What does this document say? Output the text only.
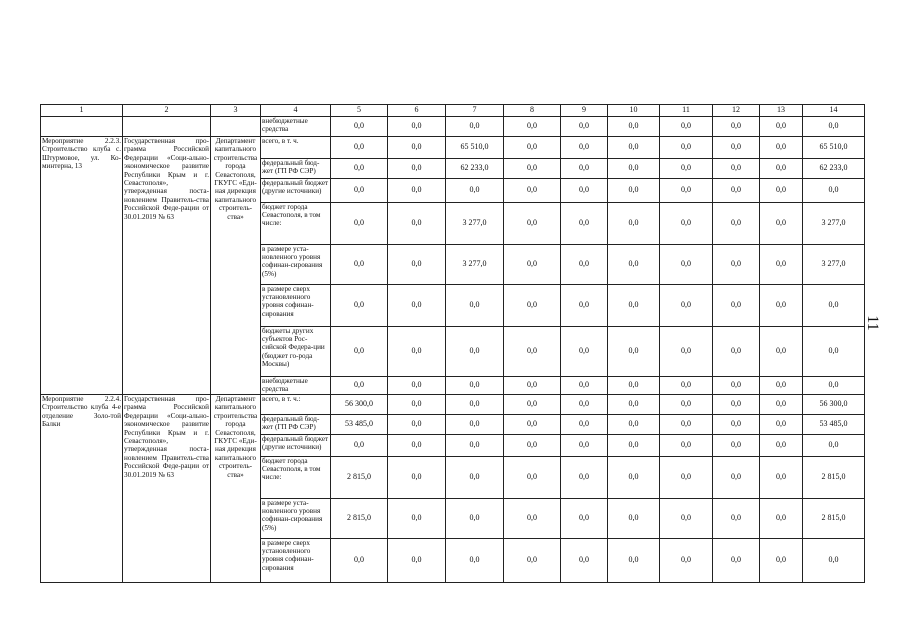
1	2	3	4	5	6	7	8	9	10	11	12	13	14
			внебюджетные средства	0,0	0,0	0,0	0,0	0,0	0,0	0,0	0,0	0,0	0,0
Мероприятие 2.2.3. Строительство клуба с. Штурмовое, ул. Ко-минтерна, 13	Государственная про-грамма Российской Федерации «Соци-ально-экономическое развитие Республики Крым и г. Севастополя», утвержденная поста-новлением Правитель-ства Российской Феде-рации от 30.01.2019 № 63	Департамент капитального строительства города Севастополя, ГКУГС «Еди-ная дирекция капитального строитель-ства»	всего, в т. ч.	0,0	0,0	65 510,0	0,0	0,0	0,0	0,0	0,0	0,0	65 510,0
			федеральный бюд-жет (ГП РФ СЭР)	0,0	0,0	62 233,0	0,0	0,0	0,0	0,0	0,0	0,0	62 233,0
			федеральный бюджет (другие источники)	0,0	0,0	0,0	0,0	0,0	0,0	0,0	0,0	0,0	0,0
			бюджет города Севастополя, в том числе:	0,0	0,0	3 277,0	0,0	0,0	0,0	0,0	0,0	0,0	3 277,0
			в размере уста-новленного уровня софинан-сирования (5%)	0,0	0,0	3 277,0	0,0	0,0	0,0	0,0	0,0	0,0	3 277,0
			в размере сверх установленного уровня софинан-сирования	0,0	0,0	0,0	0,0	0,0	0,0	0,0	0,0	0,0	0,0
			бюджеты других субъектов Рос-сийской Федера-ции (бюджет го-рода Москвы)	0,0	0,0	0,0	0,0	0,0	0,0	0,0	0,0	0,0	0,0
			внебюджетные средства	0,0	0,0	0,0	0,0	0,0	0,0	0,0	0,0	0,0	0,0
Мероприятие 2.2.4. Строительство клуба 4-е отделение Золо-той Балки	Государственная про-грамма Российской Федерации «Соци-ально-экономическое развитие Республики Крым и г. Севастополя», утвержденная поста-новлением Правитель-ства Российской Феде-рации от 30.01.2019 № 63	Департамент капитального строительства города Севастополя, ГКУГС «Еди-ная дирекция капитального строитель-ства»	всего, в т. ч.:	56 300,0	0,0	0,0	0,0	0,0	0,0	0,0	0,0	0,0	56 300,0
			федеральный бюд-жет (ГП РФ СЭР)	53 485,0	0,0	0,0	0,0	0,0	0,0	0,0	0,0	0,0	53 485,0
			федеральный бюджет (другие источники)	0,0	0,0	0,0	0,0	0,0	0,0	0,0	0,0	0,0	0,0
			бюджет города Севастополя, в том числе:	2 815,0	0,0	0,0	0,0	0,0	0,0	0,0	0,0	0,0	2 815,0
			в размере уста-новленного уровня софинан-сирования (5%)	2 815,0	0,0	0,0	0,0	0,0	0,0	0,0	0,0	0,0	2 815,0
			в размере сверх установленного уровня софинан-сирования	0,0	0,0	0,0	0,0	0,0	0,0	0,0	0,0	0,0	0,0
11
